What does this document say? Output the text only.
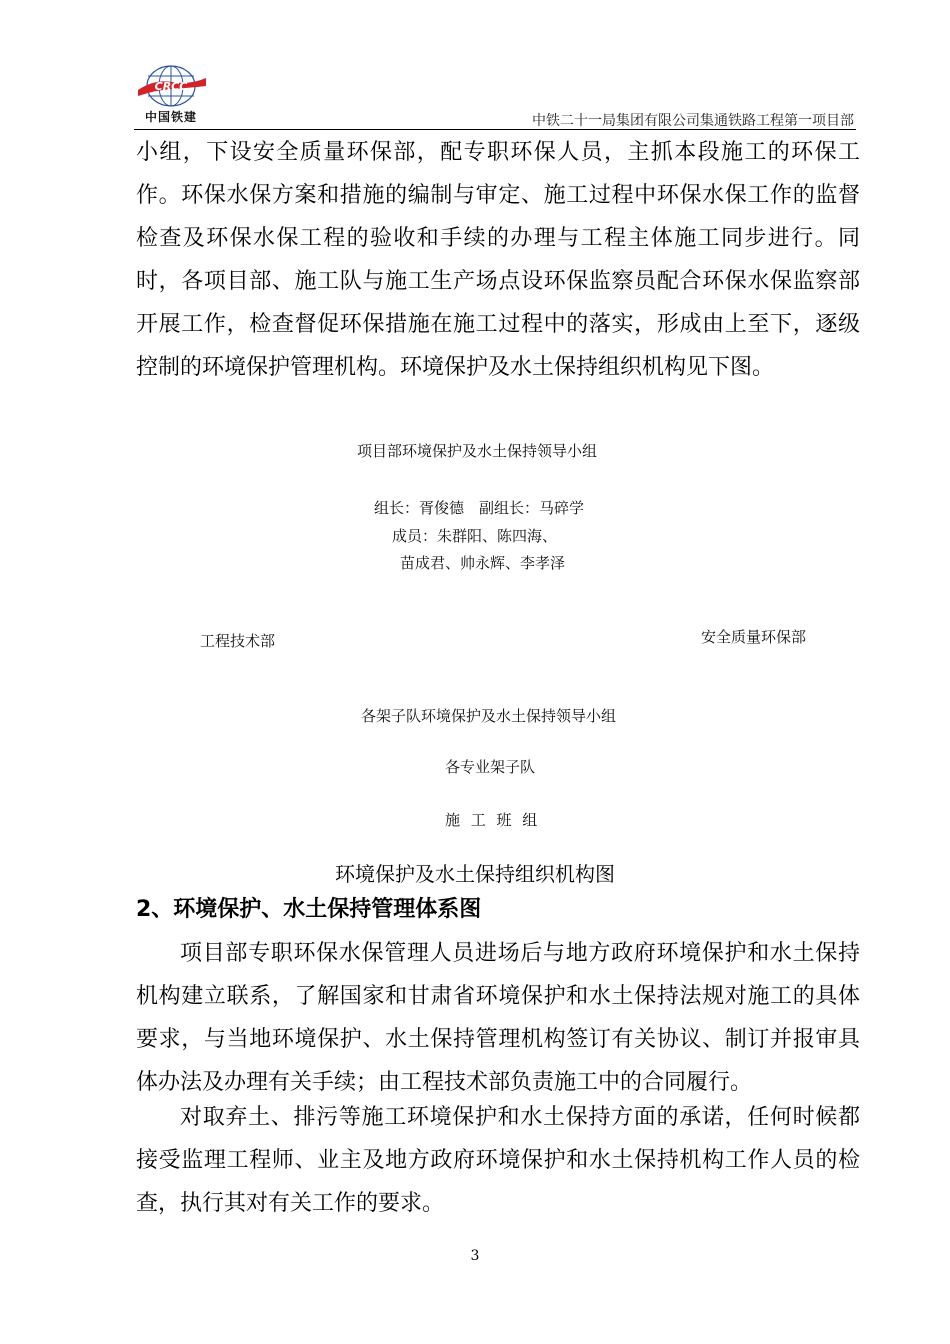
CRCC
中国铁建	中铁二十一局集团有限公司集通铁路工程第一项目部

小组，下设安全质量环保部，配专职环保人员，主抓本段施工的环保工作。环保水保方案和措施的编制与审定、施工过程中环保水保工作的监督检查及环保水保工程的验收和手续的办理与工程主体施工同步进行。同时，各项目部、施工队与施工生产场点设环保监察员配合环保水保监察部开展工作，检查督促环保措施在施工过程中的落实，形成由上至下，逐级控制的环境保护管理机构。环境保护及水土保持组织机构见下图。

项目部环境保护及水土保持领导小组
组长：胥俊德　副组长：马碎学
成员：朱群阳、陈四海、
苗成君、帅永辉、李孝泽
工程技术部	安全质量环保部
各架子队环境保护及水土保持领导小组
各专业架子队
施 工 班 组
环境保护及水土保持组织机构图
2、环境保护、水土保持管理体系图

项目部专职环保水保管理人员进场后与地方政府环境保护和水土保持机构建立联系，了解国家和甘肃省环境保护和水土保持法规对施工的具体要求，与当地环境保护、水土保持管理机构签订有关协议、制订并报审具体办法及办理有关手续；由工程技术部负责施工中的合同履行。

对取弃土、排污等施工环境保护和水土保持方面的承诺，任何时候都接受监理工程师、业主及地方政府环境保护和水土保持机构工作人员的检查，执行其对有关工作的要求。

3
